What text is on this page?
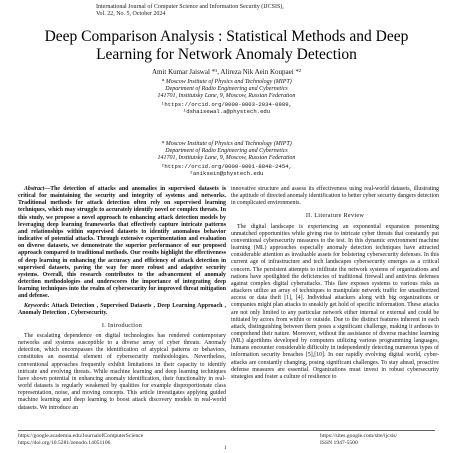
International Journal of Computer Science and Information Security (IJCSIS),
Vol. 22, No. 5, October 2024
Deep Comparison Analysis : Statistical Methods and Deep Learning for Network Anomaly Detection
Amit Kumar Jaiswal *¹, Alireza Nik Aein Koupaei *²
* Moscow Institute of Physics and Technology (MIPT)
Department of Radio Engineering and Cybernetics
141701, Institutsky Lane, 9, Moscow, Russian Federation
¹https://orcid.org/0000-0003-2034-0989,
¹dshaisewal.a@phystech.edu
* Moscow Institute of Physics and Technology (MIPT)
Department of Radio Engineering and Cybernetics
141701, Institutsky Lane, 9, Moscow, Russian Federation
²https://orcid.org/0000-0001-8848-2454,
²aniksein@phystech.edu

Abstract—The detection of attacks and anomalies in supervised datasets is critical for maintaining the security and integrity of systems and networks. Traditional methods for attack detection often rely on supervised learning techniques, which may struggle to accurately identify novel or complex threats. In this study, we propose a novel approach to enhancing attack detection models by leveraging deep learning frameworks that effectively capture intricate patterns and relationships within supervised datasets to identify anomalous behavior indicative of potential attacks. Through extensive experimentation and evaluation on diverse datasets, we demonstrate the superior performance of our proposed approach compared to traditional methods. Our results highlight the effectiveness of deep learning in enhancing the accuracy and efficiency of attack detection in supervised datasets, paving the way for more robust and adaptive security systems. Overall, this research contributes to the advancement of anomaly detection methodologies and underscores the importance of integrating deep learning techniques into the realm of cybersecurity for improved threat mitigation and defense.

Keywords: Attack Detection , Supervised Datasets , Deep Learning Approach , Anomaly Detection , Cybersecurity.

I. Introduction

The escalating dependence on digital technologies has rendered contemporary networks and systems susceptible to a diverse array of cyber threats. Anomaly detection, which encompasses the identification of atypical patterns or behaviors, constitutes an essential element of cybersecurity methodologies. Nevertheless, conventional approaches frequently exhibit limitations in their capacity to identify intricate and evolving threats. While machine learning and deep learning techniques have shown potential in enhancing anomaly identification, their functionality in real-world datasets is regularly weakened by qualities for example disproportionate class representation, noise, and moving concepts. This article investigates applying guided machine learning and deep learning to boost attack discovery models in real-world datasets. We introduce an

innovative structure and assess its effectiveness using real-world datasets, illustrating the aptitude of directed anomaly identification to better cyber security dangers detection in complicated environments.

II. Literature Review

The digital landscape is experiencing an exponential expansion presenting unmatched opportunities while giving rise to intricate cyber threats that constantly put conventional cybersecurity measures to the test. In this dynamic environment machine learning (ML) approaches especially anomaly detection techniques have attracted considerable attention as invaluable assets for bolstering cybersecurity defenses. In this current age of infrastructure and tech landscapes cybersecurity emerges as a critical concern. The persistent attempts to infiltrate the network systems of organizations and nations have spotlighted the deficiencies of traditional firewall and antivirus defenses against complex digital cyberattacks. This flaw exposes systems to various risks as attackers utilize an array of techniques to manipulate network traffic for unauthorized access or data theft [1], [4]. Individual attackers along with big organizations or companies might plan attacks to sneakily get hold of specific information. These attacks are not only limited to any particular network either internal or external and could be initiated by actors from within or outside. Due to the distinct features inherent in each attack, distinguishing between them poses a significant challenge, making it arduous to comprehend their nature. Moreover, without the assistance of diverse machine learning (ML) algorithms developed by computers utilizing various programming languages, humans encounter considerable difficulty in independently detecting numerous types of information security breaches [5],[10]. In our rapidly evolving digital world, cyber-attacks are constantly changing, posing significant challenges. To stay ahead, proactive defense measures are essential. Organizations must invest in robust cybersecurity strategies and foster a culture of resilience to

https://google.academia.edu/JournalofComputerScience
https://doi.org/10.5281/zenodo.14051106
https://sites.google.com/site/ijcsis/
ISSN 1947-5500
1
